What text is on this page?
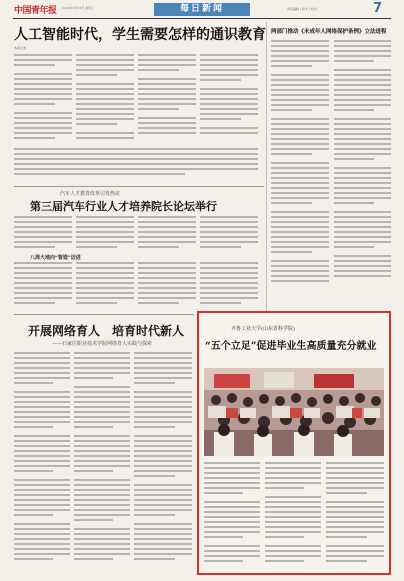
中国青年报 2020年7月15日 星期三	每日新闻	责任编辑 / 版式 / 校对	7
人工智能时代，学生需要怎样的通识教育
本报记者
两部门推动《未成年人网络保护条例》立法进程
汽车人才教育改革引发热议
第三届汽车行业人才培养院长论坛举行
八周大地向“智造”迈进
开展网络育人　培育时代新人
——石家庄职业技术学院网络育人实践与探索
齐鲁工业大学(山东省科学院)
“五个立足”促进毕业生高质量充分就业
